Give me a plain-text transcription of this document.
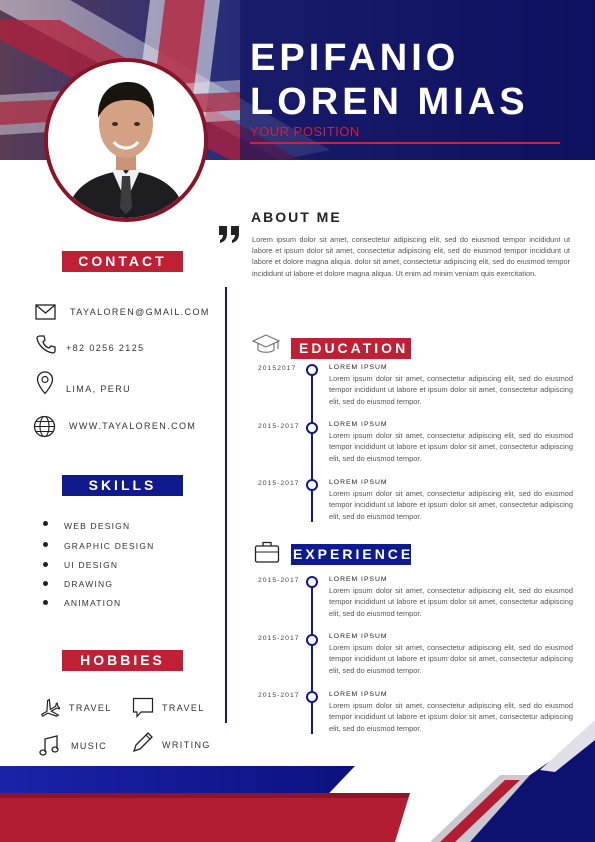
EPIFANIO
LOREN MIAS
YOUR POSITION
CONTACT
TAYALOREN@GMAIL.COM
+82 0256 2125
LIMA, PERU
WWW.TAYALOREN.COM
SKILLS
WEB DESIGN
GRAPHIC DESIGN
UI DESIGN
DRAWING
ANIMATION
HOBBIES
TRAVEL	TRAVEL
MUSIC	WRITING
ABOUT ME
Lorem ipsum dolor sit amet, consectetur adipiscing elit, sed do eiusmod tempor incididunt ut labore et ipsum dolor sit amet, consectetur adipiscing elit, sed do eiusmod tempor incididunt ut labore et dolore magna aliqua. dolor sit amet, consectetur adipiscing elit, sed do eiusmod tempor incididunt ut labore et dolore magna aliqua. Ut enim ad minim veniam quis exercitation.
EDUCATION
20152017	LOREM IPSUM
Lorem ipsum dolor sit amet, consectetur adipiscing elit, sed do eiusmod tempor incididunt ut labore et ipsum dolor sit amet, consectetur adipiscing elit, sed do eiusmod tempor.
2015-2017	LOREM IPSUM
Lorem ipsum dolor sit amet, consectetur adipiscing elit, sed do eiusmod tempor incididunt ut labore et ipsum dolor sit amet, consectetur adipiscing elit, sed do eiusmod tempor.
2015-2017	LOREM IPSUM
Lorem ipsum dolor sit amet, consectetur adipiscing elit, sed do eiusmod tempor incididunt ut labore et ipsum dolor sit amet, consectetur adipiscing elit, sed do eiusmod tempor.
EXPERIENCE
2015-2017	LOREM IPSUM
Lorem ipsum dolor sit amet, consectetur adipiscing elit, sed do eiusmod tempor incididunt ut labore et ipsum dolor sit amet, consectetur adipiscing elit, sed do eiusmod tempor.
2015-2017	LOREM IPSUM
Lorem ipsum dolor sit amet, consectetur adipiscing elit, sed do eiusmod tempor incididunt ut labore et ipsum dolor sit amet, consectetur adipiscing elit, sed do eiusmod tempor.
2015-2017	LOREM IPSUM
Lorem ipsum dolor sit amet, consectetur adipiscing elit, sed do eiusmod tempor incididunt ut labore et ipsum dolor sit amet, consectetur adipiscing elit, sed do eiusmod tempor.
